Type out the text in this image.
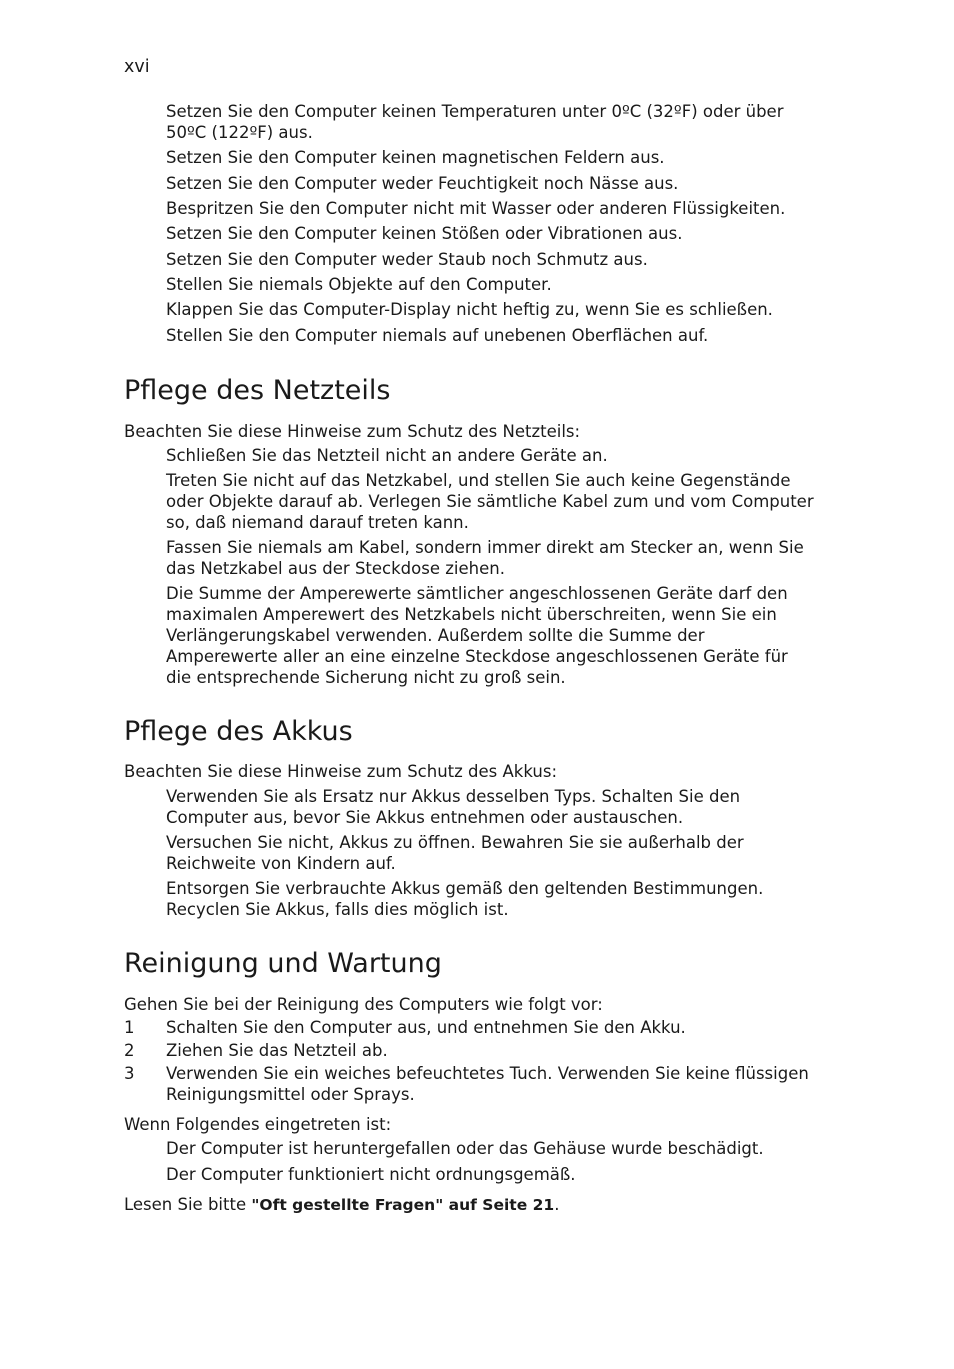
xvi
Setzen Sie den Computer keinen Temperaturen unter 0ºC (32ºF) oder über 50ºC (122ºF) aus.
Setzen Sie den Computer keinen magnetischen Feldern aus.
Setzen Sie den Computer weder Feuchtigkeit noch Nässe aus.
Bespritzen Sie den Computer nicht mit Wasser oder anderen Flüssigkeiten.
Setzen Sie den Computer keinen Stößen oder Vibrationen aus.
Setzen Sie den Computer weder Staub noch Schmutz aus.
Stellen Sie niemals Objekte auf den Computer.
Klappen Sie das Computer-Display nicht heftig zu, wenn Sie es schließen.
Stellen Sie den Computer niemals auf unebenen Oberflächen auf.
Pflege des Netzteils
Beachten Sie diese Hinweise zum Schutz des Netzteils:
Schließen Sie das Netzteil nicht an andere Geräte an.
Treten Sie nicht auf das Netzkabel, und stellen Sie auch keine Gegenstände oder Objekte darauf ab. Verlegen Sie sämtliche Kabel zum und vom Computer so, daß niemand darauf treten kann.
Fassen Sie niemals am Kabel, sondern immer direkt am Stecker an, wenn Sie das Netzkabel aus der Steckdose ziehen.
Die Summe der Amperewerte sämtlicher angeschlossenen Geräte darf den maximalen Amperewert des Netzkabels nicht überschreiten, wenn Sie ein Verlängerungskabel verwenden. Außerdem sollte die Summe der Amperewerte aller an eine einzelne Steckdose angeschlossenen Geräte für die entsprechende Sicherung nicht zu groß sein.
Pflege des Akkus
Beachten Sie diese Hinweise zum Schutz des Akkus:
Verwenden Sie als Ersatz nur Akkus desselben Typs. Schalten Sie den Computer aus, bevor Sie Akkus entnehmen oder austauschen.
Versuchen Sie nicht, Akkus zu öffnen. Bewahren Sie sie außerhalb der Reichweite von Kindern auf.
Entsorgen Sie verbrauchte Akkus gemäß den geltenden Bestimmungen. Recyclen Sie Akkus, falls dies möglich ist.
Reinigung und Wartung
Gehen Sie bei der Reinigung des Computers wie folgt vor:
1 Schalten Sie den Computer aus, und entnehmen Sie den Akku.
2 Ziehen Sie das Netzteil ab.
3 Verwenden Sie ein weiches befeuchtetes Tuch. Verwenden Sie keine flüssigen Reinigungsmittel oder Sprays.
Wenn Folgendes eingetreten ist:
Der Computer ist heruntergefallen oder das Gehäuse wurde beschädigt.
Der Computer funktioniert nicht ordnungsgemäß.
Lesen Sie bitte "Oft gestellte Fragen" auf Seite 21.
